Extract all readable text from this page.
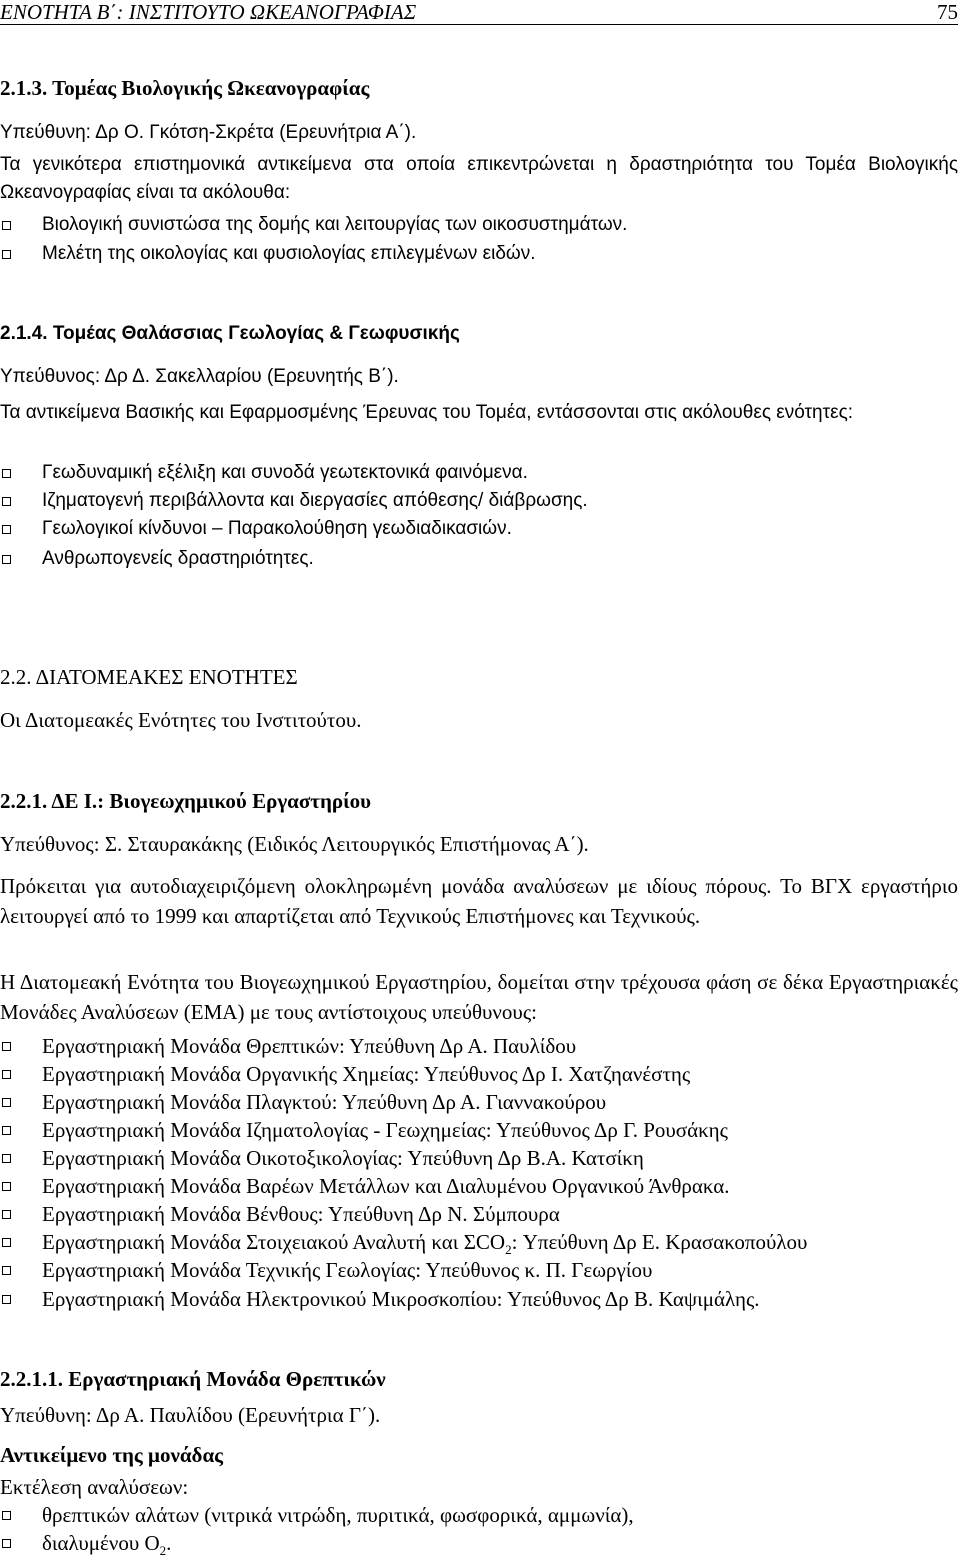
ΕΝΟΤΗΤΑ Β΄: ΙΝΣΤΙΤΟΥΤΟ ΩΚΕΑΝΟΓΡΑΦΙΑΣ	75
2.1.3. Τομέας Βιολογικής Ωκεανογραφίας
Υπεύθυνη: Δρ Ο. Γκότση-Σκρέτα (Ερευνήτρια Α΄).
Τα γενικότερα επιστημονικά αντικείμενα στα οποία επικεντρώνεται η δραστηριότητα του Τομέα Βιολογικής Ωκεανογραφίας είναι τα ακόλουθα:
Βιολογική συνιστώσα της δομής και λειτουργίας των οικοσυστημάτων.
Μελέτη της οικολογίας και φυσιολογίας επιλεγμένων ειδών.
2.1.4. Τομέας Θαλάσσιας Γεωλογίας & Γεωφυσικής
Υπεύθυνος: Δρ Δ. Σακελλαρίου (Ερευνητής Β΄).
Τα αντικείμενα Βασικής και Εφαρμοσμένης Έρευνας του Τομέα, εντάσσονται στις ακόλουθες ενότητες:
Γεωδυναμική εξέλιξη και συνοδά γεωτεκτονικά φαινόμενα.
Ιζηματογενή περιβάλλοντα και διεργασίες απόθεσης/ διάβρωσης.
Γεωλογικοί κίνδυνοι – Παρακολούθηση γεωδιαδικασιών.
Ανθρωπογενείς δραστηριότητες.
2.2. ΔΙΑΤΟΜΕΑΚΕΣ ΕΝΟΤΗΤΕΣ
Οι Διατομεακές Ενότητες του Ινστιτούτου.
2.2.1. ΔΕ Ι.: Βιογεωχημικού Εργαστηρίου
Υπεύθυνος: Σ. Σταυρακάκης (Ειδικός Λειτουργικός Επιστήμονας Α΄).
Πρόκειται για αυτοδιαχειριζόμενη ολοκληρωμένη μονάδα αναλύσεων με ιδίους πόρους. Το ΒΓΧ εργαστήριο λειτουργεί από το 1999 και απαρτίζεται από Τεχνικούς Επιστήμονες και Τεχνικούς.
Η Διατομεακή Ενότητα του Βιογεωχημικού Εργαστηρίου, δομείται στην τρέχουσα φάση σε δέκα Εργαστηριακές Μονάδες Αναλύσεων (ΕΜΑ) με τους αντίστοιχους υπεύθυνους:
Εργαστηριακή Μονάδα Θρεπτικών: Υπεύθυνη Δρ Α. Παυλίδου
Εργαστηριακή Μονάδα Οργανικής Χημείας: Υπεύθυνος Δρ Ι. Χατζηανέστης
Εργαστηριακή Μονάδα Πλαγκτού: Υπεύθυνη Δρ Α. Γιαννακούρου
Εργαστηριακή Μονάδα Ιζηματολογίας - Γεωχημείας: Υπεύθυνος Δρ Γ. Ρουσάκης
Εργαστηριακή Μονάδα Οικοτοξικολογίας: Υπεύθυνη Δρ Β.Α. Κατσίκη
Εργαστηριακή Μονάδα Βαρέων Μετάλλων και Διαλυμένου Οργανικού Άνθρακα.
Εργαστηριακή Μονάδα Βένθους: Υπεύθυνη Δρ Ν. Σύμπουρα
Εργαστηριακή Μονάδα Στοιχειακού Αναλυτή και $\Sigma CO_2$: Υπεύθυνη Δρ Ε. Κρασακοπούλου
Εργαστηριακή Μονάδα Τεχνικής Γεωλογίας: Υπεύθυνος κ. Π. Γεωργίου
Εργαστηριακή Μονάδα Ηλεκτρονικού Μικροσκοπίου: Υπεύθυνος Δρ Β. Καψιμάλης.
2.2.1.1. Εργαστηριακή Μονάδα Θρεπτικών
Υπεύθυνη: Δρ Α. Παυλίδου (Ερευνήτρια Γ΄).
Αντικείμενο της μονάδας
Εκτέλεση αναλύσεων:
θρεπτικών αλάτων (νιτρικά νιτρώδη, πυριτικά, φωσφορικά, αμμωνία),
διαλυμένου $O_2$.
